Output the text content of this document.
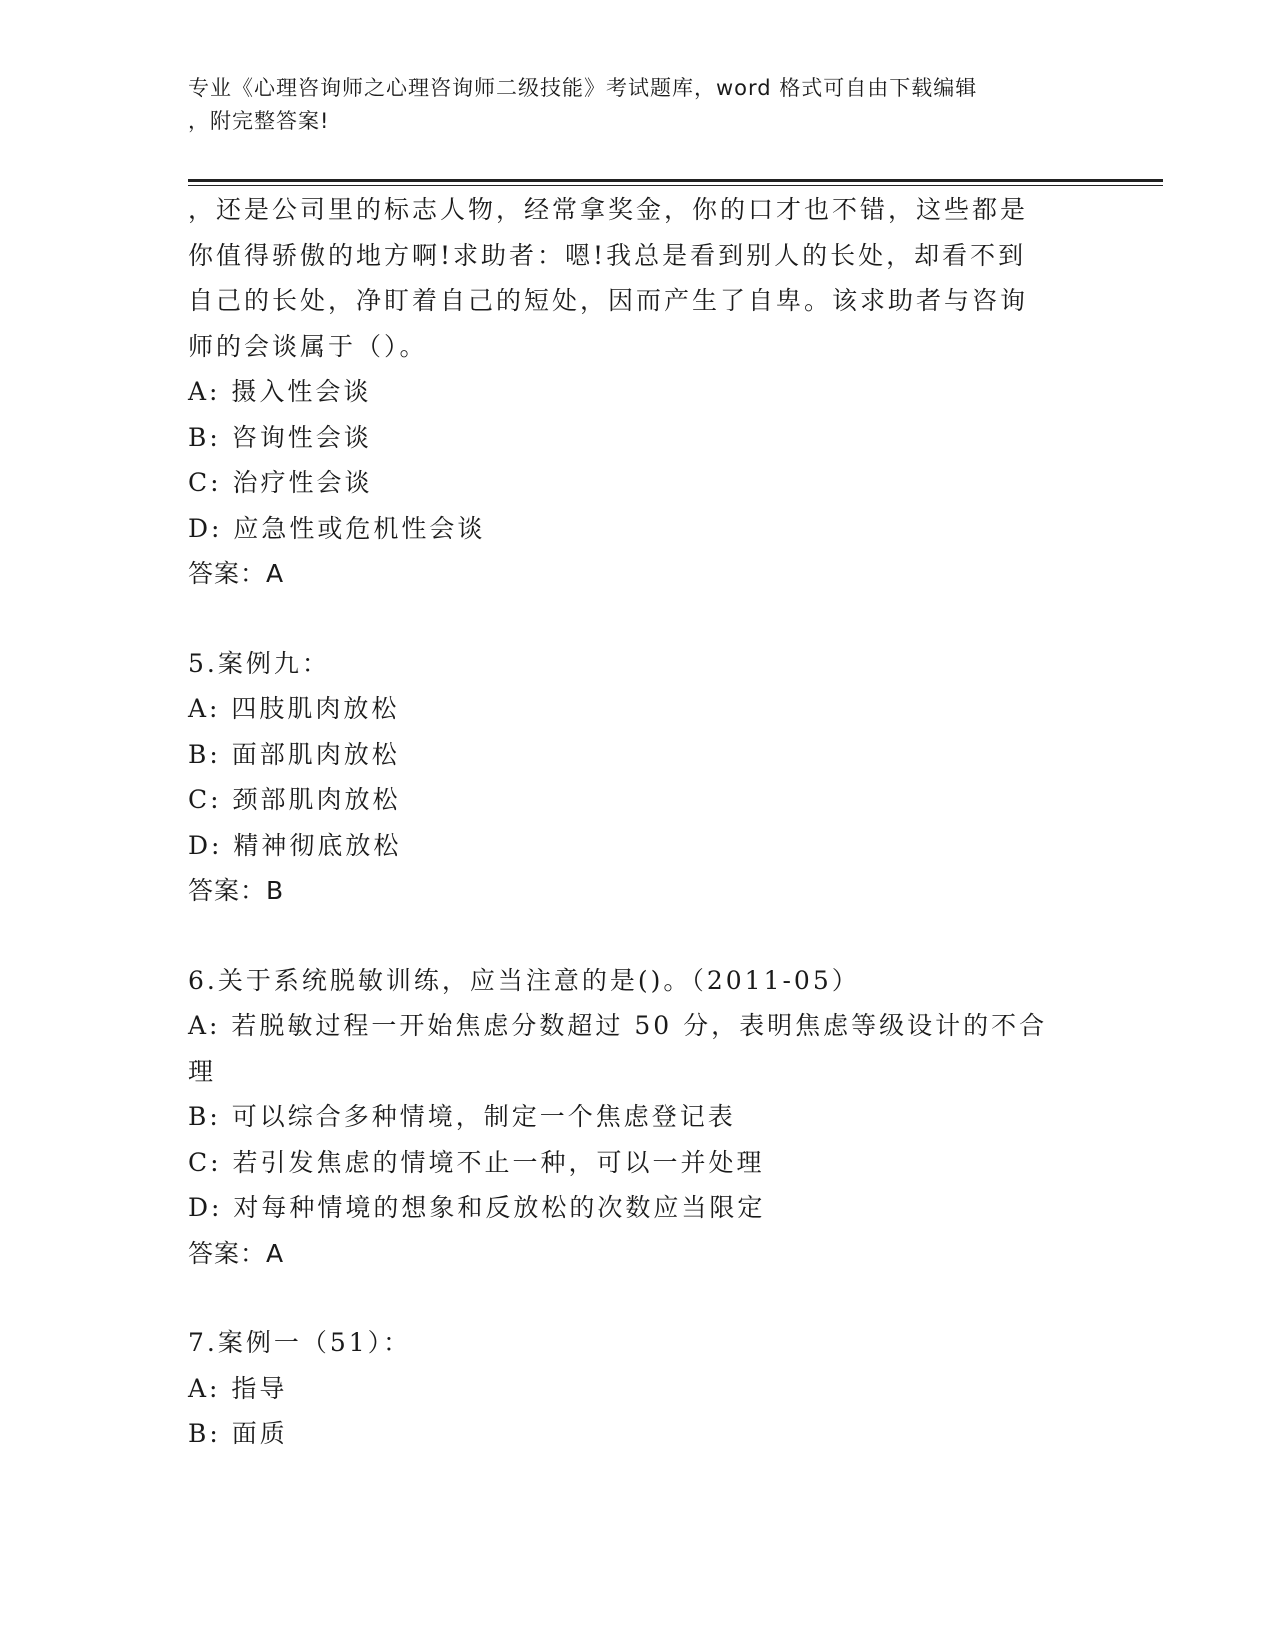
专业《心理咨询师之心理咨询师二级技能》考试题库，word 格式可自由下载编辑
，附完整答案!
，还是公司里的标志人物，经常拿奖金，你的口才也不错，这些都是
你值得骄傲的地方啊!求助者：嗯!我总是看到别人的长处，却看不到
自己的长处，净盯着自己的短处，因而产生了自卑。该求助者与咨询
师的会谈属于（）。
A: 摄入性会谈
B: 咨询性会谈
C: 治疗性会谈
D: 应急性或危机性会谈
答案：A
5.案例九：
A: 四肢肌肉放松
B: 面部肌肉放松
C: 颈部肌肉放松
D: 精神彻底放松
答案：B
6.关于系统脱敏训练，应当注意的是()。（2011-05）
A: 若脱敏过程一开始焦虑分数超过 50 分，表明焦虑等级设计的不合
理
B: 可以综合多种情境，制定一个焦虑登记表
C: 若引发焦虑的情境不止一种，可以一并处理
D: 对每种情境的想象和反放松的次数应当限定
答案：A
7.案例一（51）：
A: 指导
B: 面质
